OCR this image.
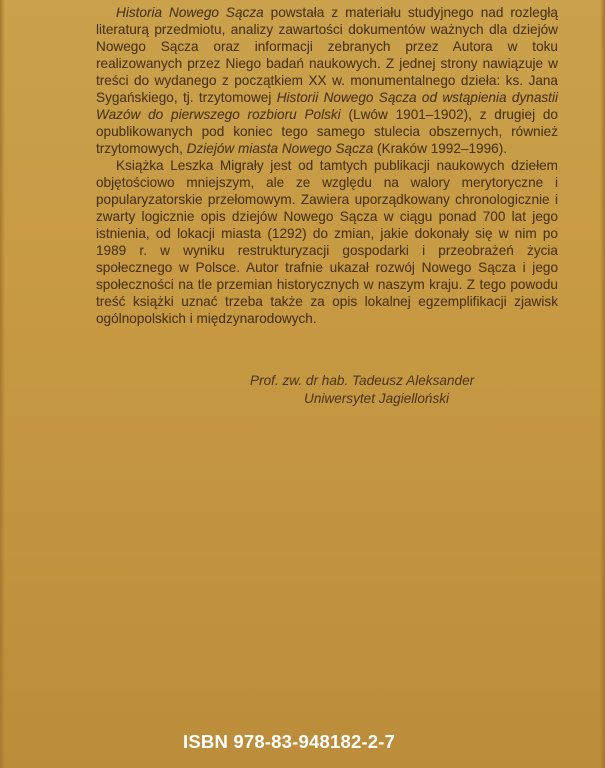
Historia Nowego Sącza powstała z materiału studyjnego nad rozległą literaturą przedmiotu, analizy zawartości dokumentów ważnych dla dziejów Nowego Sącza oraz informacji zebranych przez Autora w toku realizowanych przez Niego badań naukowych. Z jednej strony nawiązuje w treści do wydanego z początkiem XX w. monumentalnego dzieła: ks. Jana Sygańskiego, tj. trzytomowej Historii Nowego Sącza od wstąpienia dynastii Wazów do pierwszego rozbioru Polski (Lwów 1901–1902), z drugiej do opublikowanych pod koniec tego samego stulecia obszernych, również trzytomowych, Dziejów miasta Nowego Sącza (Kraków 1992–1996).

Książka Leszka Migrały jest od tamtych publikacji naukowych dziełem objętościowo mniejszym, ale ze względu na walory merytoryczne i popularyzatorskie przełomowym. Zawiera uporządkowany chronologicznie i zwarty logicznie opis dziejów Nowego Sącza w ciągu ponad 700 lat jego istnienia, od lokacji miasta (1292) do zmian, jakie dokonały się w nim po 1989 r. w wyniku restrukturyzacji gospodarki i przeobrażeń życia społecznego w Polsce. Autor trafnie ukazał rozwój Nowego Sącza i jego społeczności na tle przemian historycznych w naszym kraju. Z tego powodu treść książki uznać trzeba także za opis lokalnej egzemplifikacji zjawisk ogólnopolskich i międzynarodowych.

Prof. zw. dr hab. Tadeusz Aleksander
Uniwersytet Jagielloński
ISBN 978-83-948182-2-7
